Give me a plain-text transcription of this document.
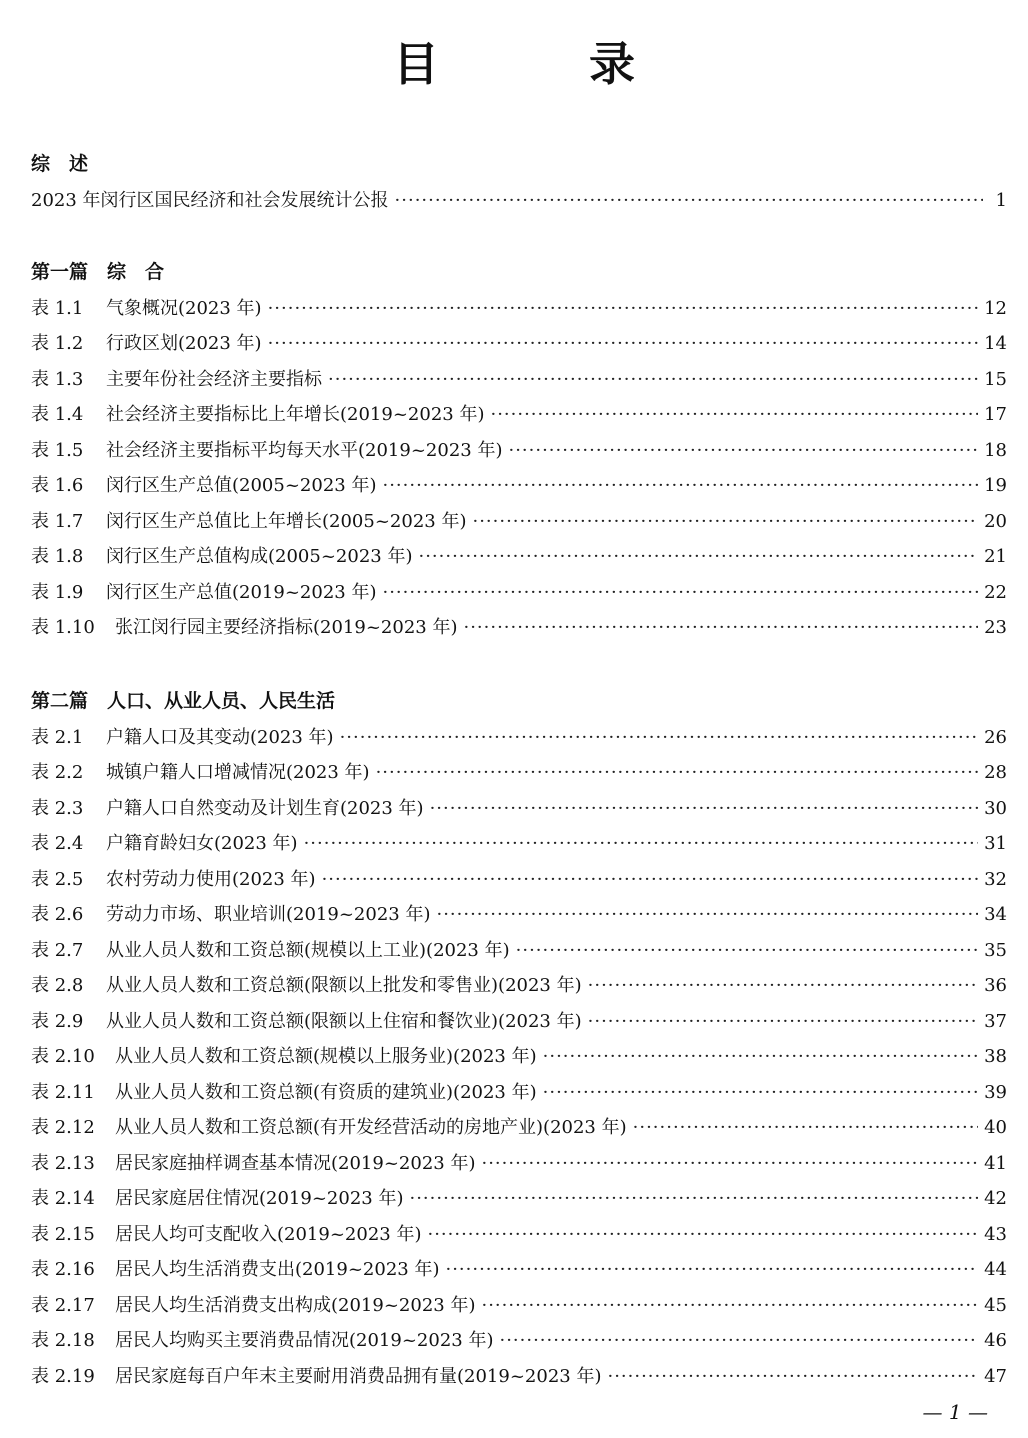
目　录
综　述
2023 年闵行区国民经济和社会发展统计公报 ·····	1
第一篇　综　合
表 1.1	气象概况(2023 年) ·····	12
表 1.2	行政区划(2023 年) ·····	14
表 1.3	主要年份社会经济主要指标 ·····	15
表 1.4	社会经济主要指标比上年增长(2019~2023 年) ·····	17
表 1.5	社会经济主要指标平均每天水平(2019~2023 年) ·····	18
表 1.6	闵行区生产总值(2005~2023 年) ·····	19
表 1.7	闵行区生产总值比上年增长(2005~2023 年) ·····	20
表 1.8	闵行区生产总值构成(2005~2023 年) ·····	21
表 1.9	闵行区生产总值(2019~2023 年) ·····	22
表 1.10	张江闵行园主要经济指标(2019~2023 年) ·····	23
第二篇　人口、从业人员、人民生活
表 2.1	户籍人口及其变动(2023 年) ·····	26
表 2.2	城镇户籍人口增减情况(2023 年) ·····	28
表 2.3	户籍人口自然变动及计划生育(2023 年) ·····	30
表 2.4	户籍育龄妇女(2023 年) ·····	31
表 2.5	农村劳动力使用(2023 年) ·····	32
表 2.6	劳动力市场、职业培训(2019~2023 年) ·····	34
表 2.7	从业人员人数和工资总额(规模以上工业)(2023 年) ·····	35
表 2.8	从业人员人数和工资总额(限额以上批发和零售业)(2023 年) ·····	36
表 2.9	从业人员人数和工资总额(限额以上住宿和餐饮业)(2023 年) ·····	37
表 2.10	从业人员人数和工资总额(规模以上服务业)(2023 年) ·····	38
表 2.11	从业人员人数和工资总额(有资质的建筑业)(2023 年) ·····	39
表 2.12	从业人员人数和工资总额(有开发经营活动的房地产业)(2023 年) ·····	40
表 2.13	居民家庭抽样调查基本情况(2019~2023 年) ·····	41
表 2.14	居民家庭居住情况(2019~2023 年) ·····	42
表 2.15	居民人均可支配收入(2019~2023 年) ·····	43
表 2.16	居民人均生活消费支出(2019~2023 年) ·····	44
表 2.17	居民人均生活消费支出构成(2019~2023 年) ·····	45
表 2.18	居民人均购买主要消费品情况(2019~2023 年) ·····	46
表 2.19	居民家庭每百户年末主要耐用消费品拥有量(2019~2023 年) ·····	47
— 1 —
